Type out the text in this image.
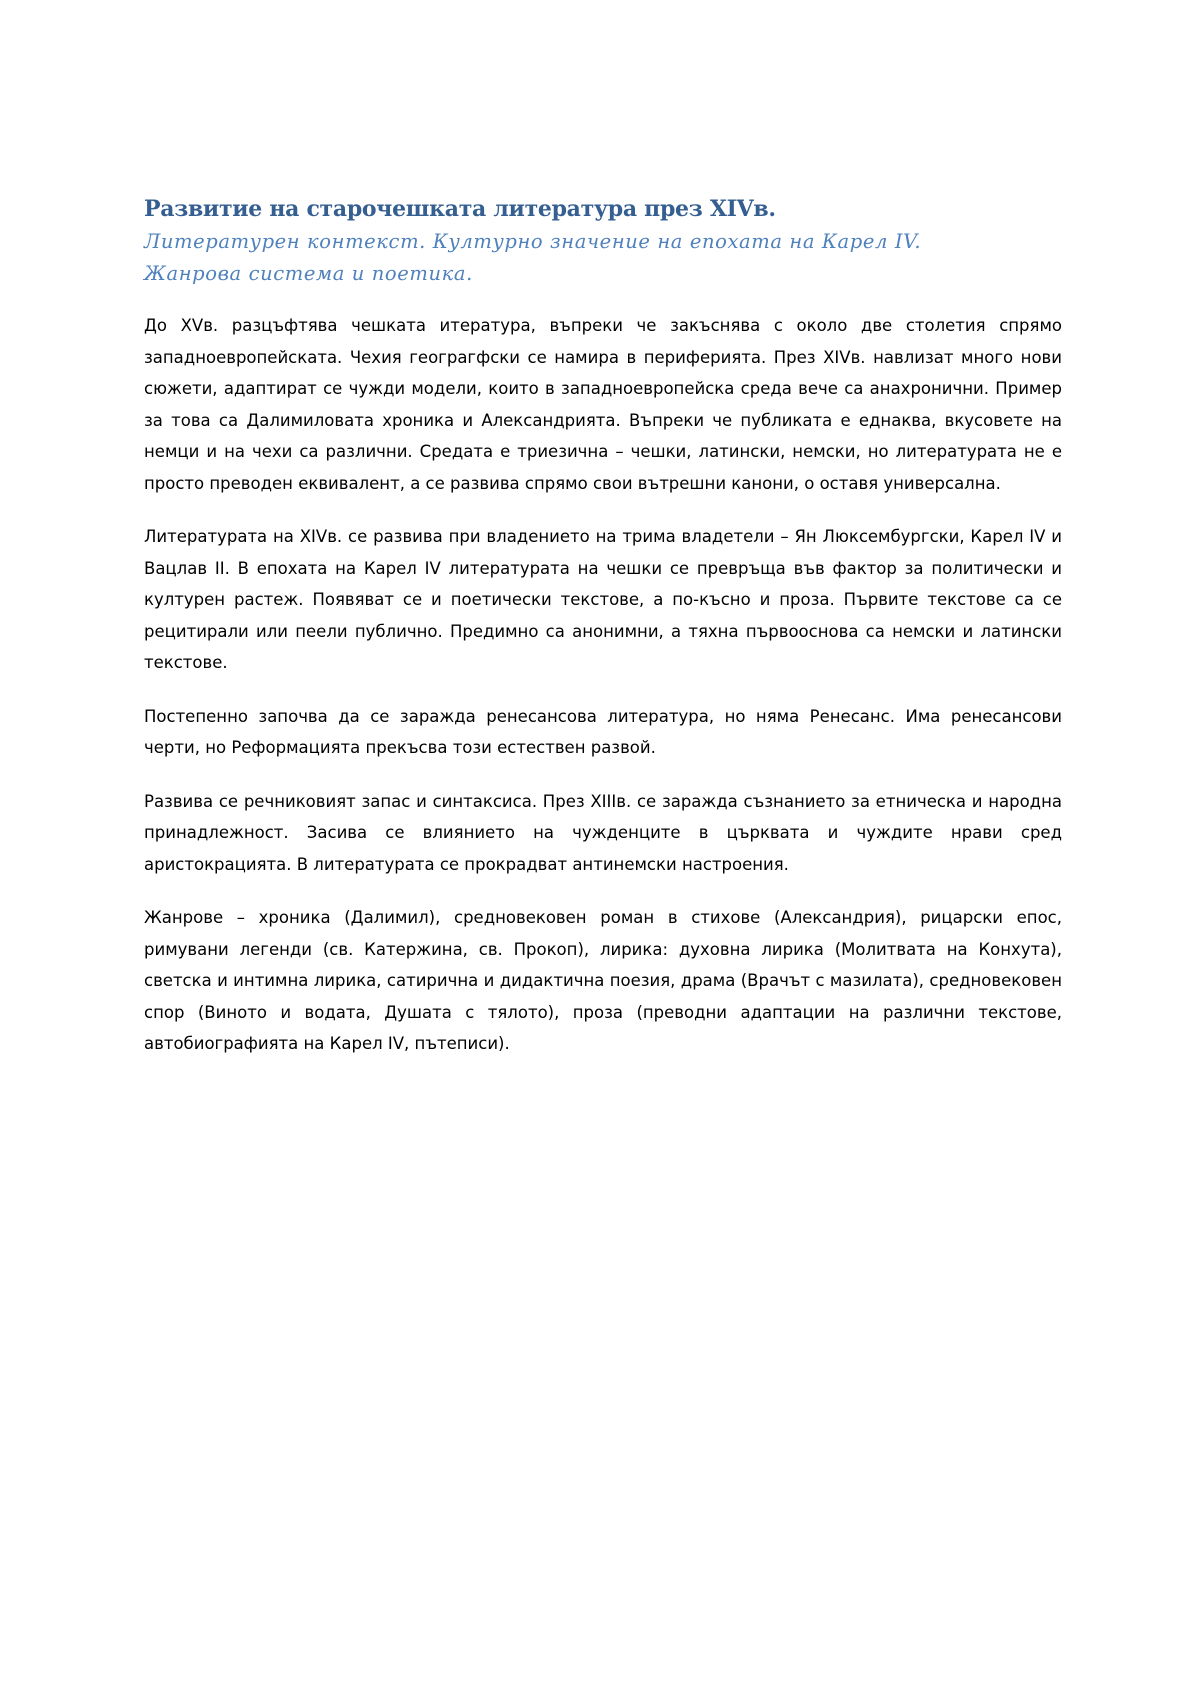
Развитие на старочешката литература през XIVв.
Литературен контекст. Културно значение на епохата на Карел IV.
Жанрова система и поетика.

До XVв. разцъфтява чешката итература, въпреки че закъснява с около две столетия спрямо западноевропейската. Чехия геограгфски се намира в периферията. През XIVв. навлизат много нови сюжети, адаптират се чужди модели, които в западноевропейска среда вече са анахронични. Пример за това са Далимиловата хроника и Александрията. Въпреки че публиката е еднаква, вкусовете на немци и на чехи са различни. Средата е триезична – чешки, латински, немски, но литературата не е просто преводен еквивалент, а се развива спрямо свои вътрешни канони, о оставя универсална.

Литературата на XIVв. се развива при владението на трима владетели – Ян Люксембургски, Карел IV и Вацлав II. В епохата на Карел IV литературата на чешки се превръща във фактор за политически и културен растеж. Появяват се и поетически текстове, а по-късно и проза. Първите текстове са се рецитирали или пеели публично. Предимно са анонимни, а тяхна първооснова са немски и латински текстове.

Постепенно започва да се заражда ренесансова литература, но няма Ренесанс. Има ренесансови черти, но Реформацията прекъсва този естествен развой.

Развива се речниковият запас и синтаксиса. През XIIIв. се заражда съзнанието за етническа и народна принадлежност. Засива се влиянието на чужденците в църквата и чуждите нрави сред аристокрацията. В литературата се прокрадват антинемски настроения.

Жанрове – хроника (Далимил), средновековен роман в стихове (Александрия), рицарски епос, римувани легенди (св. Катержина, св. Прокоп), лирика: духовна лирика (Молитвата на Конхута), светска и интимна лирика, сатирична и дидактична поезия, драма (Врачът с мазилата), средновековен спор (Виното и водата, Душата с тялото), проза (преводни адаптации на различни текстове, автобиографията на Карел IV, пътеписи).
